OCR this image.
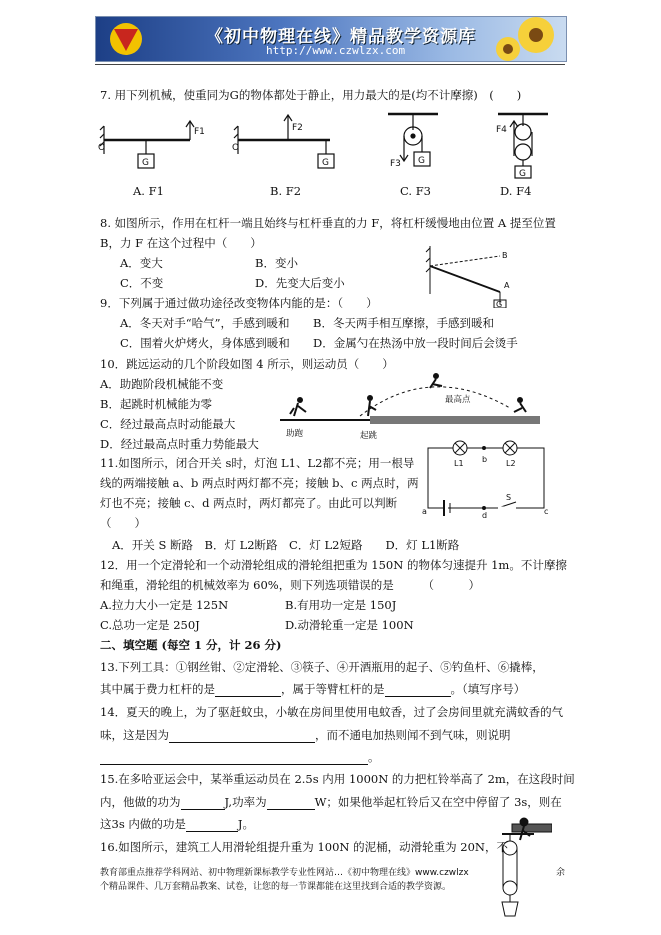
《初中物理在线》精品教学资源库
http://www.czwlzx.com
7. 用下列机械，使重同为G的物体都处于静止，用力最大的是(均不计摩擦)　(　　)
G
O
F1
G
O
F2
G
F3
G
F4
A. F1	B. F2	C. F3	D. F4
8. 如图所示，作用在杠杆一端且始终与杠杆垂直的力 F，将杠杆缓慢地由位置 A 提至位置
B，力 F 在这个过程中（　　）
A．变大	B．变小
C．不变	D．先变大后变小
B
A
G
9．下列属于通过做功途径改变物体内能的是：（　　）
A．冬天对手“哈气”，手感到暖和 B．冬天两手相互摩擦，手感到暖和
C．围着火炉烤火，身体感到暖和 D．金属勺在热汤中放一段时间后会烫手
10．跳远运动的几个阶段如图 4 所示，则运动员（　　）
A．助跑阶段机械能不变
B．起跳时机械能为零
C．经过最高点时动能最大
D．经过最高点时重力势能最大
助跑	起跳
最高点
11.如图所示，闭合开关 s时，灯泡 L1、L2都不亮；用一根导
线的两端接触 a、b 两点时两灯都不亮；接触 b、c 两点时，两
灯也不亮；接触 c、d 两点时，两灯都亮了。由此可以判断
（　　）
A．开关 S 断路　B．灯 L2断路　C．灯 L2短路　　D．灯 L1断路
L1	L2
b
a	d	c
S
12．用一个定滑轮和一个动滑轮组成的滑轮组把重为 150N 的物体匀速提升 1m。不计摩擦
和绳重，滑轮组的机械效率为 60%，则下列选项错误的是　　　（　　　）
A.拉力大小一定是 125N	B.有用功一定是 150J
C.总功一定是 250J	D.动滑轮重一定是 100N
二、填空题 (每空 1 分，计 26 分)
13.下列工具：①钢丝钳、②定滑轮、③筷子、④开酒瓶用的起子、⑤钓鱼杆、⑥撬棒，
其中属于费力杠杆的是	，属于等臂杠杆的是	。（填写序号）
14．夏天的晚上，为了驱赶蚊虫，小敏在房间里使用电蚊香，过了会房间里就充满蚊香的气
味，这是因为	，而不通电加热则闻不到气味，则说明
。
15.在多哈亚运会中，某举重运动员在 2.5s 内用 1000N 的力把杠铃举高了 2m，在这段时间
内，他做的功为	J,功率为	W；如果他举起杠铃后又在空中停留了 3s，则在
这3s 内做的功是	J。
16.如图所示，建筑工人用滑轮组提升重为 100N 的泥桶，动滑轮重为 20N，不
教育部重点推荐学科网站、初中物理新课标教学专业性网站…《初中物理在线》www.czwlzx	余
个精品课件、几万套精品教案、试卷，让您的每一节课都能在这里找到合适的教学资源。
